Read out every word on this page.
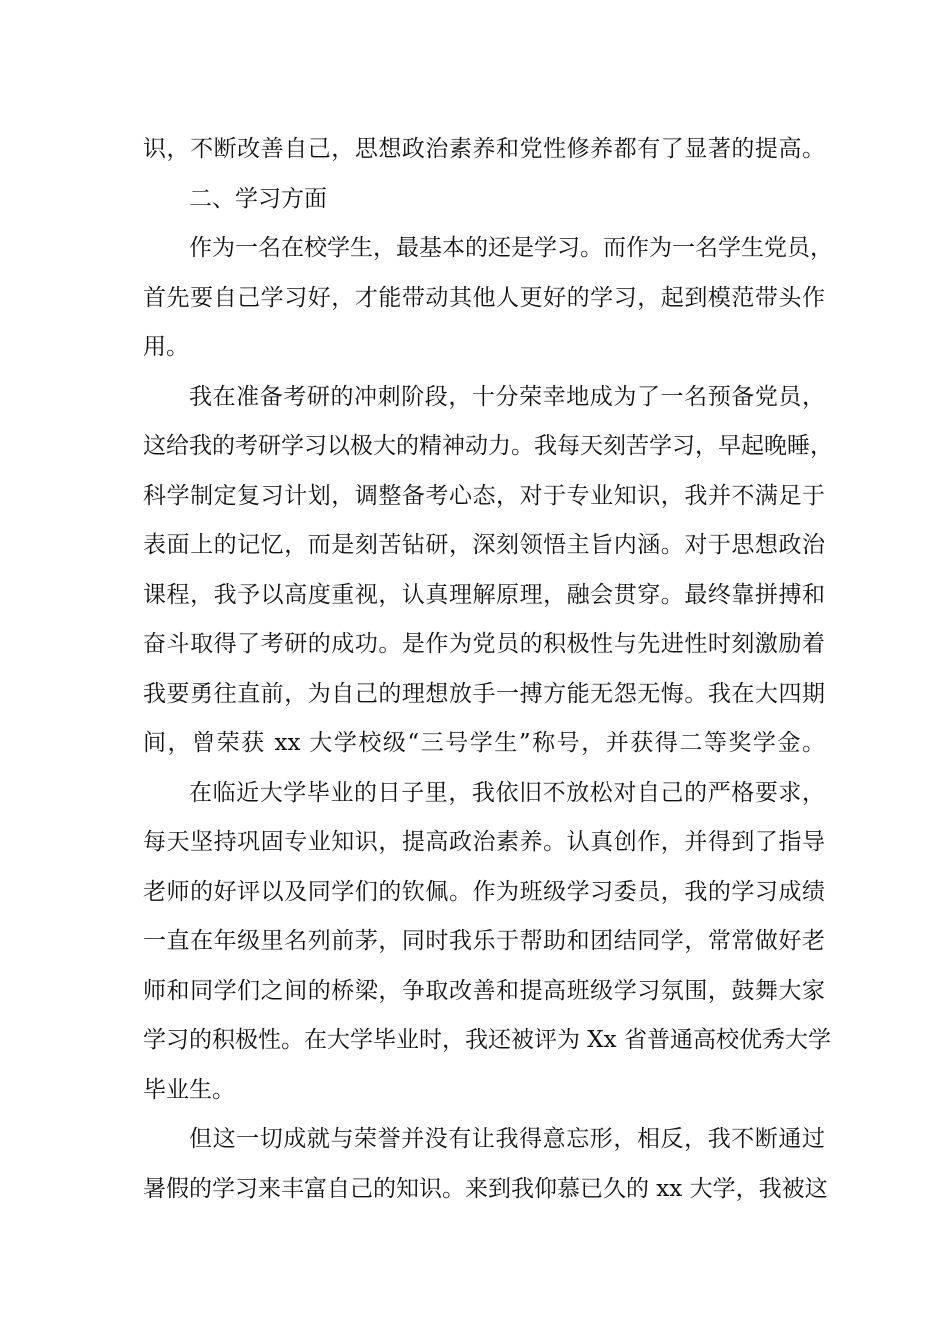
识，不断改善自己，思想政治素养和党性修养都有了显著的提高。
二、学习方面
作为一名在校学生，最基本的还是学习。而作为一名学生党员，
首先要自己学习好，才能带动其他人更好的学习，起到模范带头作
用。
我在准备考研的冲刺阶段，十分荣幸地成为了一名预备党员，
这给我的考研学习以极大的精神动力。我每天刻苦学习，早起晚睡，
科学制定复习计划，调整备考心态，对于专业知识，我并不满足于
表面上的记忆，而是刻苦钻研，深刻领悟主旨内涵。对于思想政治
课程，我予以高度重视，认真理解原理，融会贯穿。最终靠拼搏和
奋斗取得了考研的成功。是作为党员的积极性与先进性时刻激励着
我要勇往直前，为自己的理想放手一搏方能无怨无悔。我在大四期
间，曾荣获 xx 大学校级“三号学生”称号，并获得二等奖学金。
在临近大学毕业的日子里，我依旧不放松对自己的严格要求，
每天坚持巩固专业知识，提高政治素养。认真创作，并得到了指导
老师的好评以及同学们的钦佩。作为班级学习委员，我的学习成绩
一直在年级里名列前茅，同时我乐于帮助和团结同学，常常做好老
师和同学们之间的桥梁，争取改善和提高班级学习氛围，鼓舞大家
学习的积极性。在大学毕业时，我还被评为 Xx 省普通高校优秀大学
毕业生。
但这一切成就与荣誉并没有让我得意忘形，相反，我不断通过
暑假的学习来丰富自己的知识。来到我仰慕已久的 xx 大学，我被这
